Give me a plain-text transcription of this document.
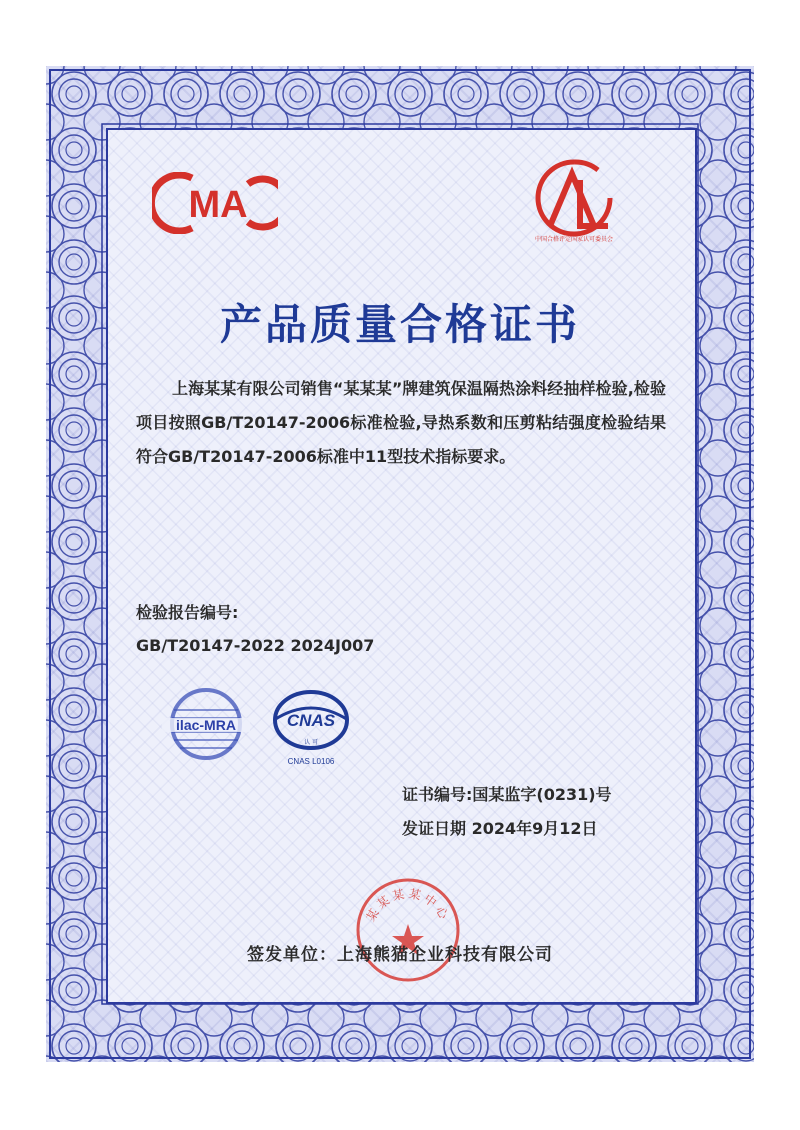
MA
中国合格评定国家认可委员会
产品质量合格证书
上海某某有限公司销售“某某某”牌建筑保温隔热涂料经抽样检验,检验项目按照GB/T20147-2006标准检验,导热系数和压剪粘结强度检验结果符合GB/T20147-2006标准中11型技术指标要求。
检验报告编号:
GB/T20147-2022 2024J007
ilac-MRA	CNAS
认 可
CNAS L0106
证书编号:国某监字(0231)号
发证日期 2024年9月12日
某某某某中心
签发单位：上海熊猫企业科技有限公司
